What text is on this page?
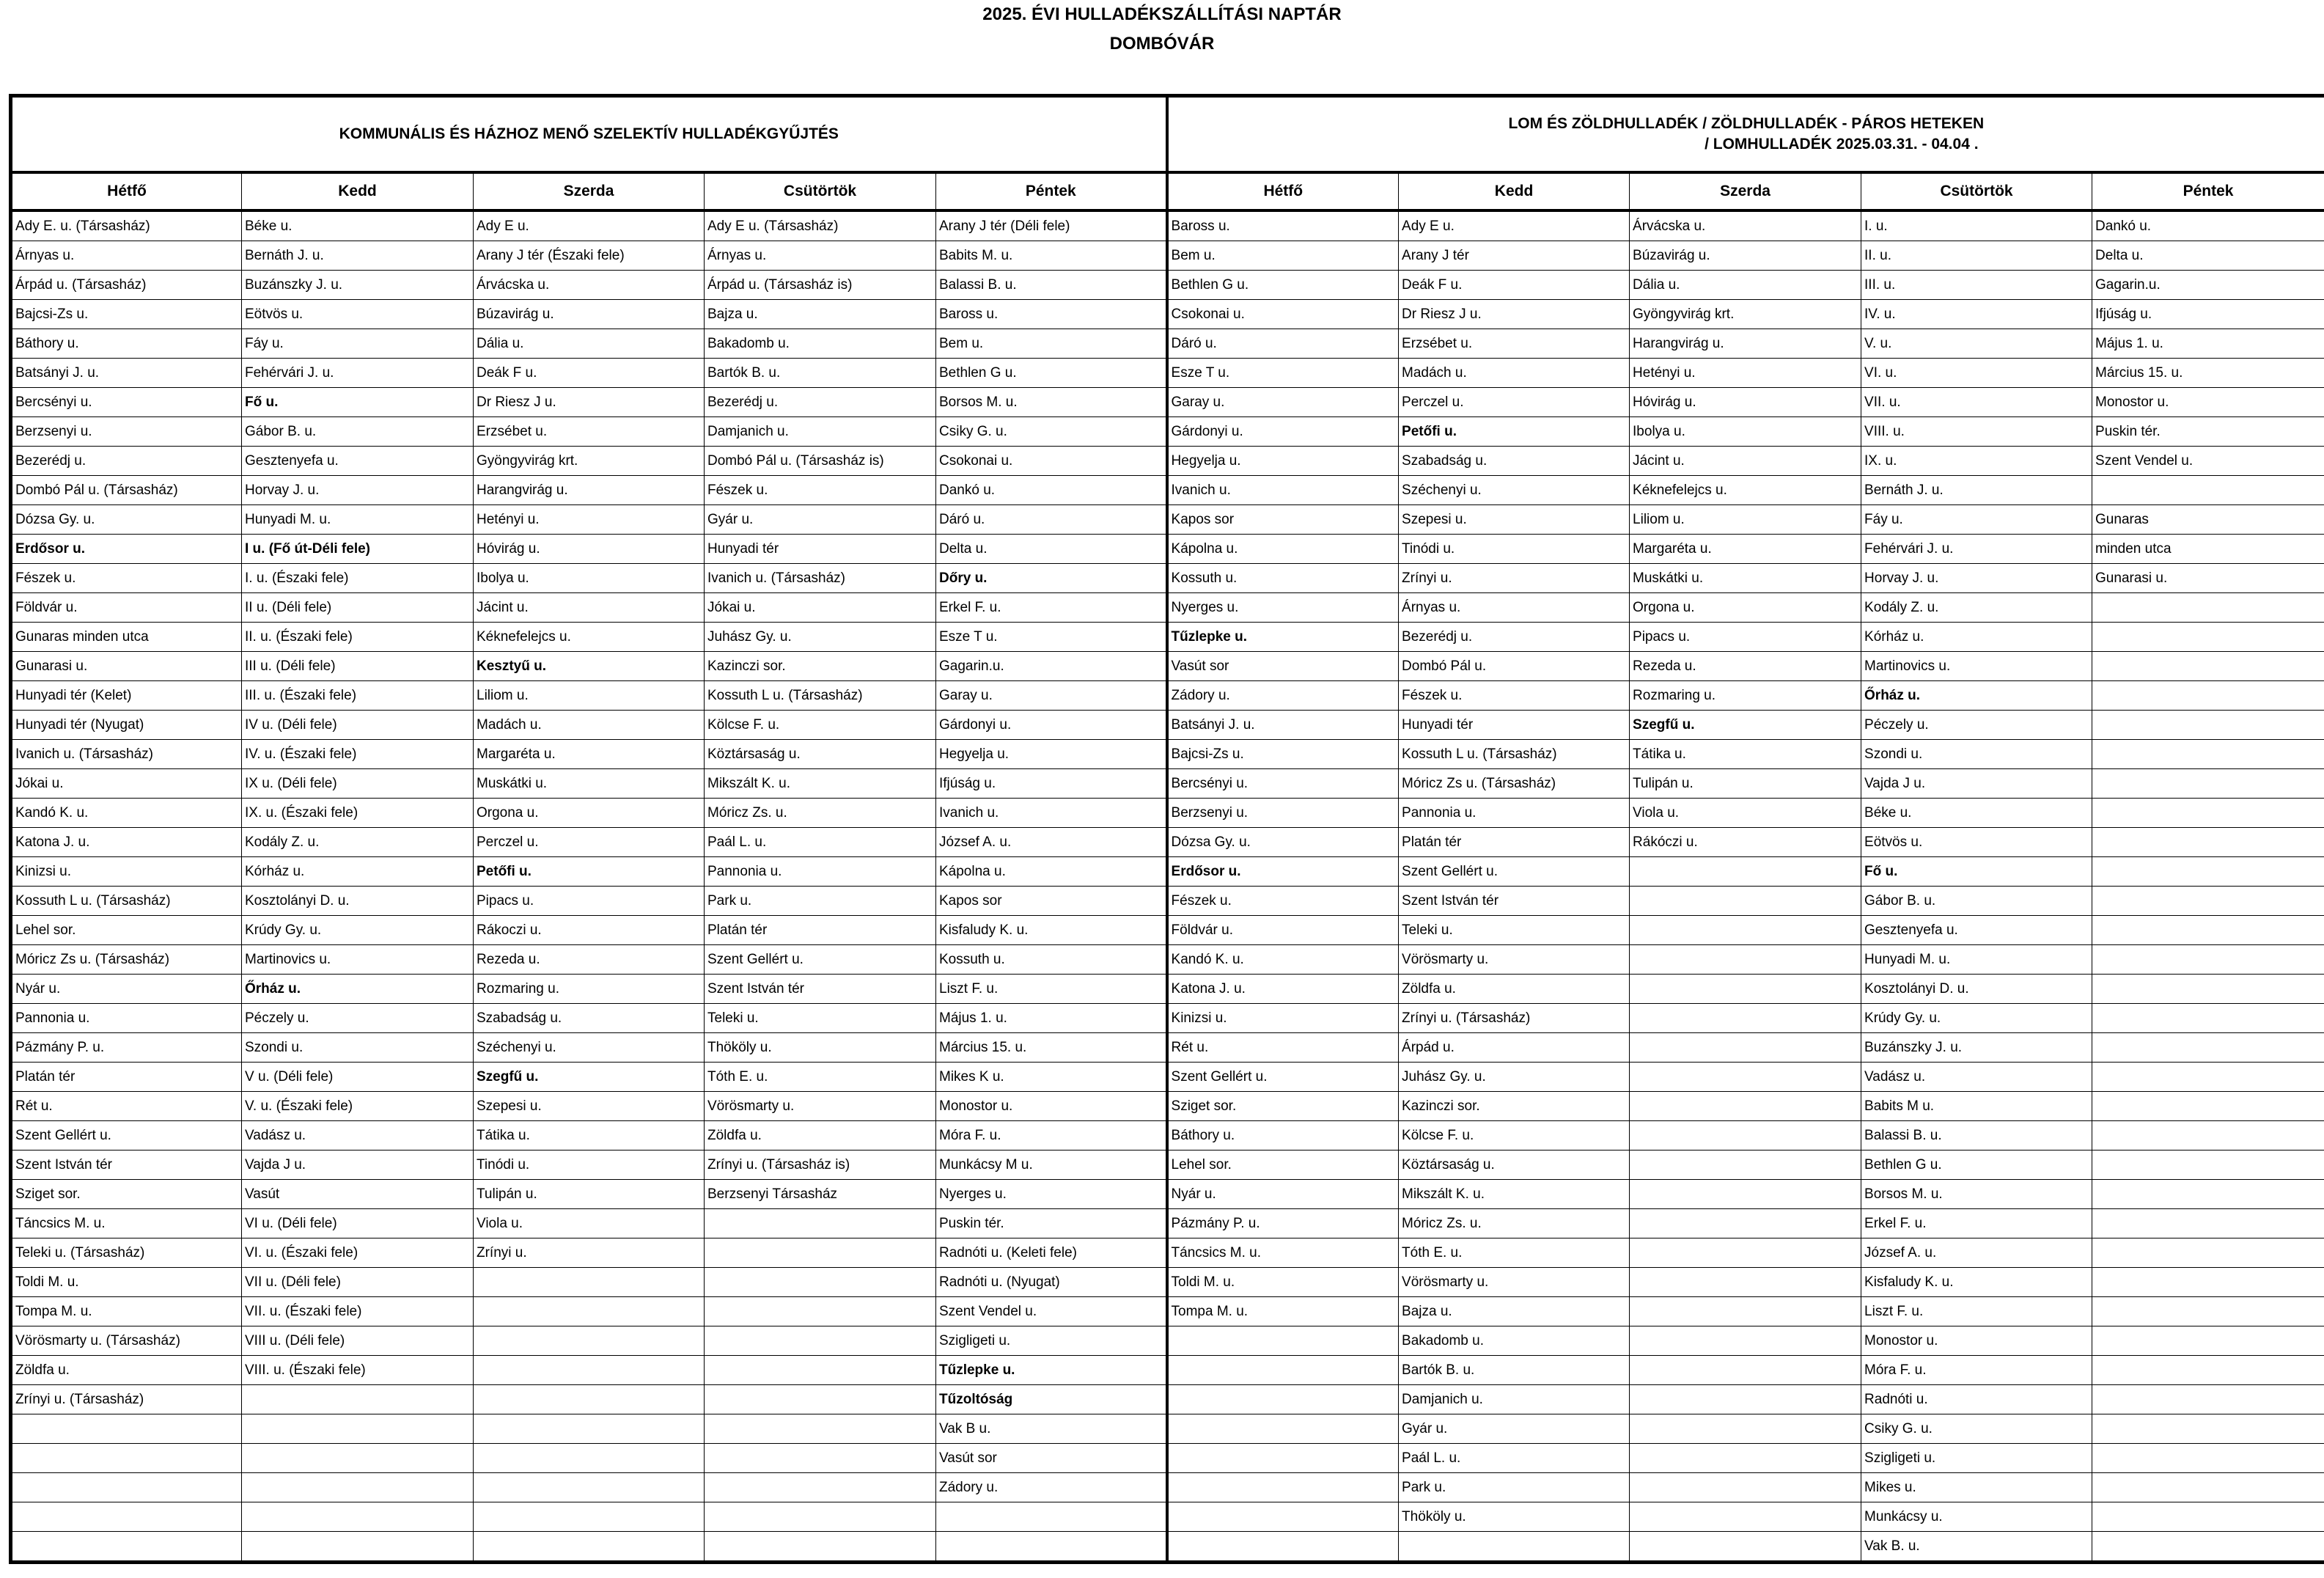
2025. ÉVI HULLADÉKSZÁLLÍTÁSI NAPTÁR
DOMBÓVÁR
KOMMUNÁLIS ÉS HÁZHOZ MENŐ SZELEKTÍV HULLADÉKGYŰJTÉS					LOM ÉS ZÖLDHULLADÉK / ZÖLDHULLADÉK - PÁROS HETEKEN
/ LOMHULLADÉK 2025.03.31. - 04.04 .				

Hétfő	Kedd	Szerda	Csütörtök	Péntek	Hétfő	Kedd	Szerda	Csütörtök	Péntek
Ady E. u. (Társasház)	Béke u.	Ady E u.	Ady E u. (Társasház)	Arany J tér (Déli fele)	Baross u.	Ady E u.	Árvácska u.	I. u.	Dankó u.
Árnyas u.	Bernáth J. u.	Arany J tér (Északi fele)	Árnyas u.	Babits M. u.	Bem u.	Arany J tér	Búzavirág u.	II. u.	Delta u.
Árpád u. (Társasház)	Buzánszky J. u.	Árvácska u.	Árpád u. (Társasház is)	Balassi B. u.	Bethlen G u.	Deák F u.	Dália u.	III. u.	Gagarin.u.
Bajcsi-Zs u.	Eötvös u.	Búzavirág u.	Bajza u.	Baross u.	Csokonai u.	Dr Riesz J u.	Gyöngyvirág krt.	IV. u.	Ifjúság u.
Báthory u.	Fáy u.	Dália u.	Bakadomb u.	Bem u.	Dáró u.	Erzsébet u.	Harangvirág u.	V. u.	Május 1. u.
Batsányi J. u.	Fehérvári J. u.	Deák F u.	Bartók B. u.	Bethlen G u.	Esze T u.	Madách u.	Hetényi u.	VI. u.	Március 15. u.
Bercsényi u.	Fő u.	Dr Riesz J u.	Bezerédj u.	Borsos M. u.	Garay u.	Perczel u.	Hóvirág u.	VII. u.	Monostor u.
Berzsenyi u.	Gábor B. u.	Erzsébet u.	Damjanich u.	Csiky G. u.	Gárdonyi u.	Petőfi u.	Ibolya u.	VIII. u.	Puskin tér.
Bezerédj u.	Gesztenyefa u.	Gyöngyvirág krt.	Dombó Pál u. (Társasház is)	Csokonai u.	Hegyelja u.	Szabadság u.	Jácint u.	IX. u.	Szent Vendel u.
Dombó Pál u. (Társasház)	Horvay J. u.	Harangvirág u.	Fészek u.	Dankó u.	Ivanich u.	Széchenyi u.	Kéknefelejcs u.	Bernáth J. u.	
Dózsa Gy. u.	Hunyadi M. u.	Hetényi u.	Gyár u.	Dáró u.	Kapos sor	Szepesi u.	Liliom u.	Fáy u.	Gunaras
Erdősor u.	I u. (Fő út-Déli fele)	Hóvirág u.	Hunyadi tér	Delta u.	Kápolna u.	Tinódi u.	Margaréta u.	Fehérvári J. u.	minden utca
Fészek u.	I. u. (Északi fele)	Ibolya u.	Ivanich u. (Társasház)	Dőry u.	Kossuth u.	Zrínyi u.	Muskátki u.	Horvay J. u.	Gunarasi u.
Földvár u.	II u. (Déli fele)	Jácint u.	Jókai u.	Erkel F. u.	Nyerges u.	Árnyas u.	Orgona u.	Kodály Z. u.	
Gunaras minden utca	II. u. (Északi fele)	Kéknefelejcs u.	Juhász Gy. u.	Esze T u.	Tűzlepke u.	Bezerédj u.	Pipacs u.	Kórház u.	
Gunarasi u.	III u. (Déli fele)	Kesztyű u.	Kazinczi sor.	Gagarin.u.	Vasút sor	Dombó Pál u.	Rezeda u.	Martinovics u.	
Hunyadi tér (Kelet)	III. u. (Északi fele)	Liliom u.	Kossuth L u. (Társasház)	Garay u.	Zádory u.	Fészek u.	Rozmaring u.	Őrház u.	
Hunyadi tér (Nyugat)	IV u. (Déli fele)	Madách u.	Kölcse F. u.	Gárdonyi u.	Batsányi J. u.	Hunyadi tér	Szegfű u.	Péczely u.	
Ivanich u. (Társasház)	IV. u. (Északi fele)	Margaréta u.	Köztársaság u.	Hegyelja u.	Bajcsi-Zs u.	Kossuth L u. (Társasház)	Tátika u.	Szondi u.	
Jókai u.	IX u. (Déli fele)	Muskátki u.	Mikszált K. u.	Ifjúság u.	Bercsényi u.	Móricz Zs u. (Társasház)	Tulipán u.	Vajda J u.	
Kandó K. u.	IX. u. (Északi fele)	Orgona u.	Móricz Zs. u.	Ivanich u.	Berzsenyi u.	Pannonia u.	Viola u.	Béke u.	
Katona J. u.	Kodály Z. u.	Perczel u.	Paál L. u.	József A. u.	Dózsa Gy. u.	Platán tér	Rákóczi u.	Eötvös u.	
Kinizsi u.	Kórház u.	Petőfi u.	Pannonia u.	Kápolna u.	Erdősor u.	Szent Gellért u.		Fő u.	
Kossuth L u. (Társasház)	Kosztolányi D. u.	Pipacs u.	Park u.	Kapos sor	Fészek u.	Szent István tér		Gábor B. u.	
Lehel sor.	Krúdy Gy. u.	Rákoczi u.	Platán tér	Kisfaludy K. u.	Földvár u.	Teleki u.		Gesztenyefa u.	
Móricz Zs u. (Társasház)	Martinovics u.	Rezeda u.	Szent Gellért u.	Kossuth u.	Kandó K. u.	Vörösmarty u.		Hunyadi M. u.	
Nyár u.	Őrház u.	Rozmaring u.	Szent István tér	Liszt F. u.	Katona J. u.	Zöldfa u.		Kosztolányi D. u.	
Pannonia u.	Péczely u.	Szabadság u.	Teleki u.	Május 1. u.	Kinizsi u.	Zrínyi u. (Társasház)		Krúdy Gy. u.	
Pázmány P. u.	Szondi u.	Széchenyi u.	Thököly u.	Március 15. u.	Rét u.	Árpád u.		Buzánszky J. u.	
Platán tér	V u. (Déli fele)	Szegfű u.	Tóth E. u.	Mikes K u.	Szent Gellért u.	Juhász Gy. u.		Vadász u.	
Rét u.	V. u. (Északi fele)	Szepesi u.	Vörösmarty u.	Monostor u.	Sziget sor.	Kazinczi sor.		Babits M u.	
Szent Gellért u.	Vadász u.	Tátika u.	Zöldfa u.	Móra F. u.	Báthory u.	Kölcse F. u.		Balassi B. u.	
Szent István tér	Vajda J u.	Tinódi u.	Zrínyi u. (Társasház is)	Munkácsy M u.	Lehel sor.	Köztársaság u.		Bethlen G u.	
Sziget sor.	Vasút	Tulipán u.	Berzsenyi Társasház	Nyerges u.	Nyár u.	Mikszált K. u.		Borsos M. u.	
Táncsics M. u.	VI u. (Déli fele)	Viola u.		Puskin tér.	Pázmány P. u.	Móricz Zs. u.		Erkel F. u.	
Teleki u. (Társasház)	VI. u. (Északi fele)	Zrínyi u.		Radnóti u. (Keleti fele)	Táncsics M. u.	Tóth E. u.		József A. u.	
Toldi M. u.	VII u. (Déli fele)			Radnóti u. (Nyugat)	Toldi M. u.	Vörösmarty u.		Kisfaludy K. u.	
Tompa M. u.	VII. u. (Északi fele)			Szent Vendel u.	Tompa M. u.	Bajza u.		Liszt F. u.	
Vörösmarty u. (Társasház)	VIII u. (Déli fele)			Szigligeti u.		Bakadomb u.		Monostor u.	
Zöldfa u.	VIII. u. (Északi fele)			Tűzlepke u.		Bartók B. u.		Móra F. u.	
Zrínyi u. (Társasház)				Tűzoltóság		Damjanich u.		Radnóti u.	
				Vak B u.		Gyár u.		Csiky G. u.	
				Vasút sor		Paál L. u.		Szigligeti u.	
				Zádory u.		Park u.		Mikes u.	
						Thököly u.		Munkácsy u.	
								Vak B. u.	
